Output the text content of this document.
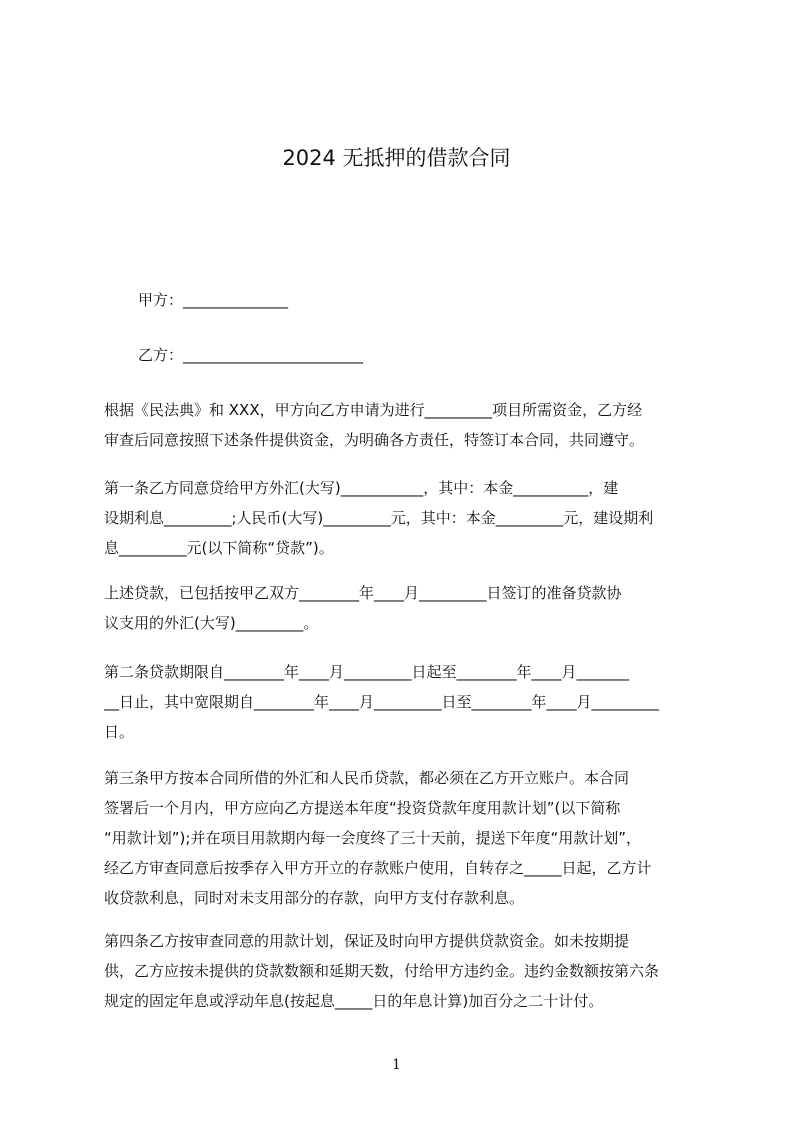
2024 无抵押的借款合同
甲方：______________
乙方：________________________
根据《民法典》和 XXX，甲方向乙方申请为进行_________项目所需资金，乙方经
审查后同意按照下述条件提供资金，为明确各方责任，特签订本合同，共同遵守。
第一条乙方同意贷给甲方外汇(大写)___________，其中：本金__________，建
设期利息_________;人民币(大写)_________元，其中：本金_________元，建设期利
息_________元(以下简称“贷款”)。
上述贷款，已包括按甲乙双方________年____月_________日签订的准备贷款协
议支用的外汇(大写)_________。
第二条贷款期限自________年____月_________日起至________年____月_______
__日止，其中宽限期自________年____月_________日至________年____月_________
日。
第三条甲方按本合同所借的外汇和人民币贷款，都必须在乙方开立账户。本合同
签署后一个月内，甲方应向乙方提送本年度“投资贷款年度用款计划”(以下简称
“用款计划”);并在项目用款期内每一会度终了三十天前，提送下年度“用款计划”，
经乙方审查同意后按季存入甲方开立的存款账户使用，自转存之_____日起，乙方计
收贷款利息，同时对未支用部分的存款，向甲方支付存款利息。
第四条乙方按审查同意的用款计划，保证及时向甲方提供贷款资金。如未按期提
供，乙方应按未提供的贷款数额和延期天数，付给甲方违约金。违约金数额按第六条
规定的固定年息或浮动年息(按起息_____日的年息计算)加百分之二十计付。
1
